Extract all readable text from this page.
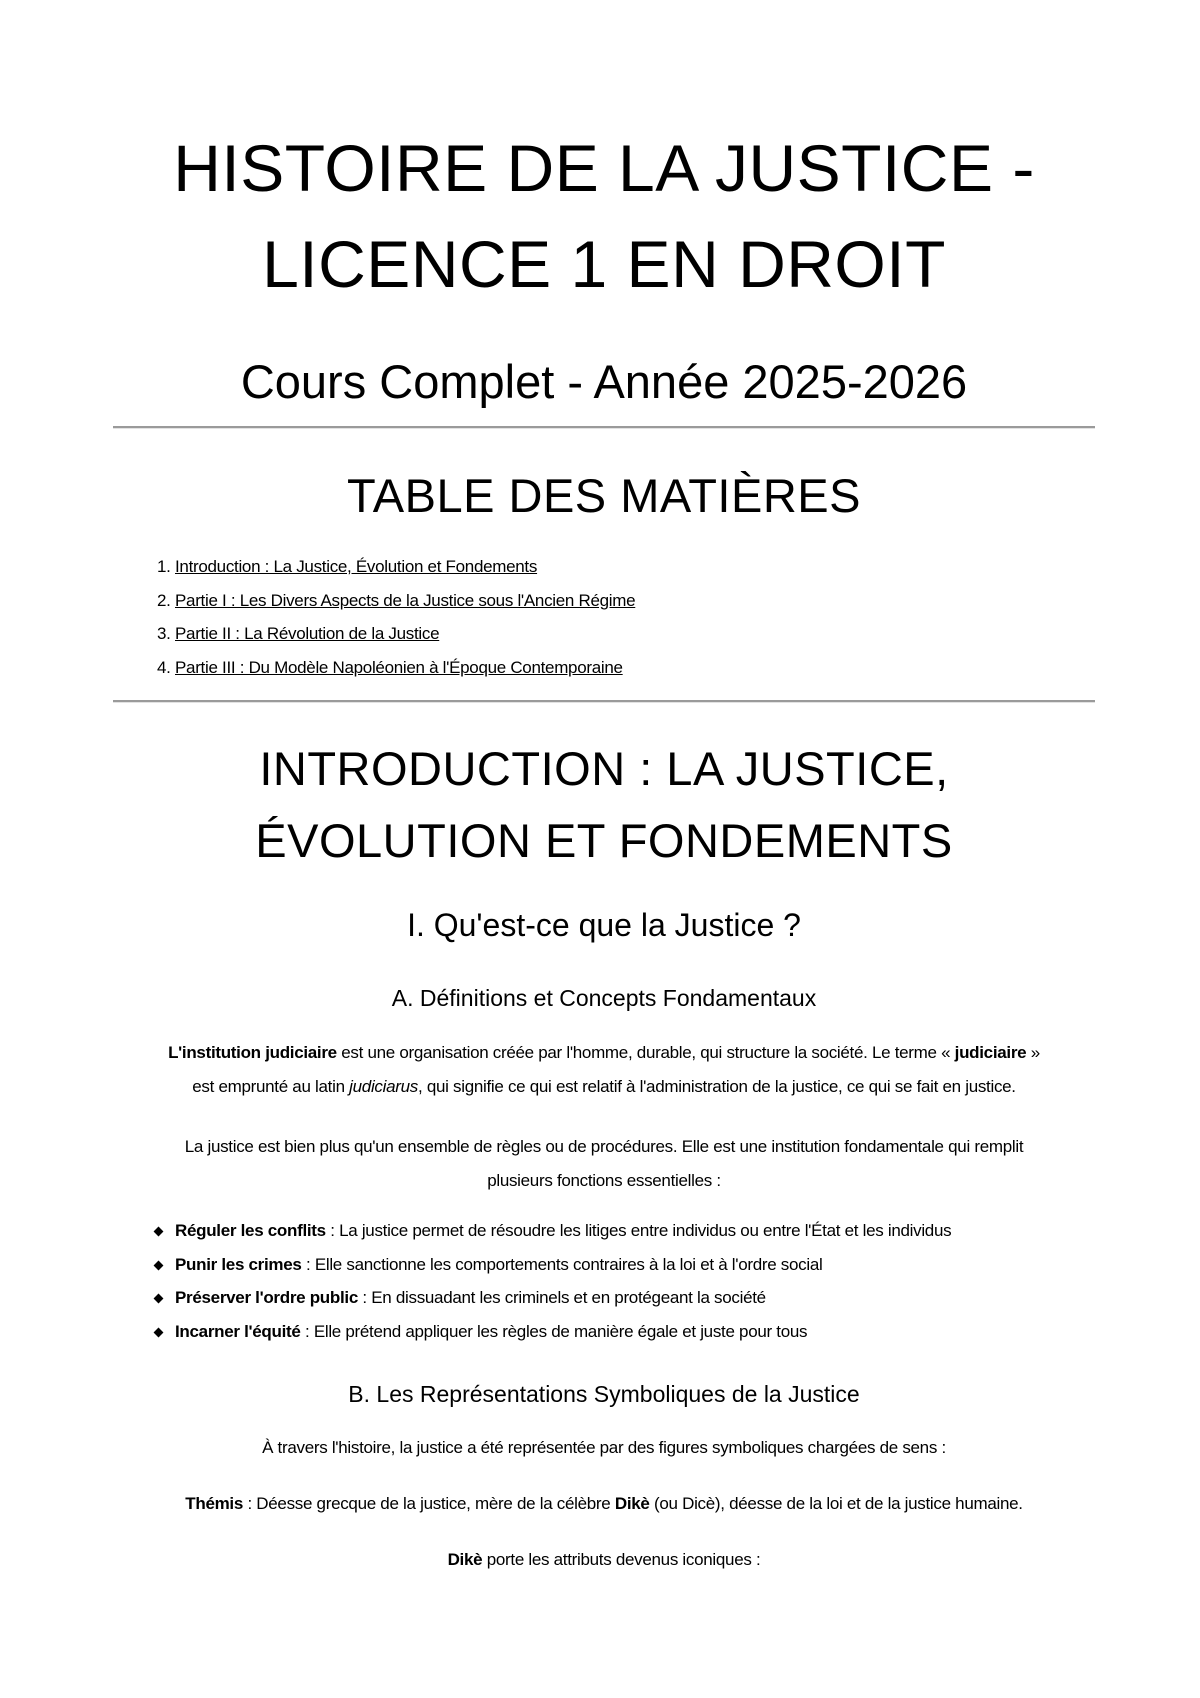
HISTOIRE DE LA JUSTICE -
LICENCE 1 EN DROIT
Cours Complet - Année 2025-2026
TABLE DES MATIÈRES
1. Introduction : La Justice, Évolution et Fondements
2. Partie I : Les Divers Aspects de la Justice sous l'Ancien Régime
3. Partie II : La Révolution de la Justice
4. Partie III : Du Modèle Napoléonien à l'Époque Contemporaine
INTRODUCTION : LA JUSTICE,
ÉVOLUTION ET FONDEMENTS
I. Qu'est-ce que la Justice ?
A. Définitions et Concepts Fondamentaux

L'institution judiciaire est une organisation créée par l'homme, durable, qui structure la société. Le terme « judiciaire »
est emprunté au latin judiciarus, qui signifie ce qui est relatif à l'administration de la justice, ce qui se fait en justice.

La justice est bien plus qu'un ensemble de règles ou de procédures. Elle est une institution fondamentale qui remplit
plusieurs fonctions essentielles :

Réguler les conflits : La justice permet de résoudre les litiges entre individus ou entre l'État et les individus
Punir les crimes : Elle sanctionne les comportements contraires à la loi et à l'ordre social
Préserver l'ordre public : En dissuadant les criminels et en protégeant la société
Incarner l'équité : Elle prétend appliquer les règles de manière égale et juste pour tous
B. Les Représentations Symboliques de la Justice

À travers l'histoire, la justice a été représentée par des figures symboliques chargées de sens :

Thémis : Déesse grecque de la justice, mère de la célèbre Dikè (ou Dicè), déesse de la loi et de la justice humaine.

Dikè porte les attributs devenus iconiques :
